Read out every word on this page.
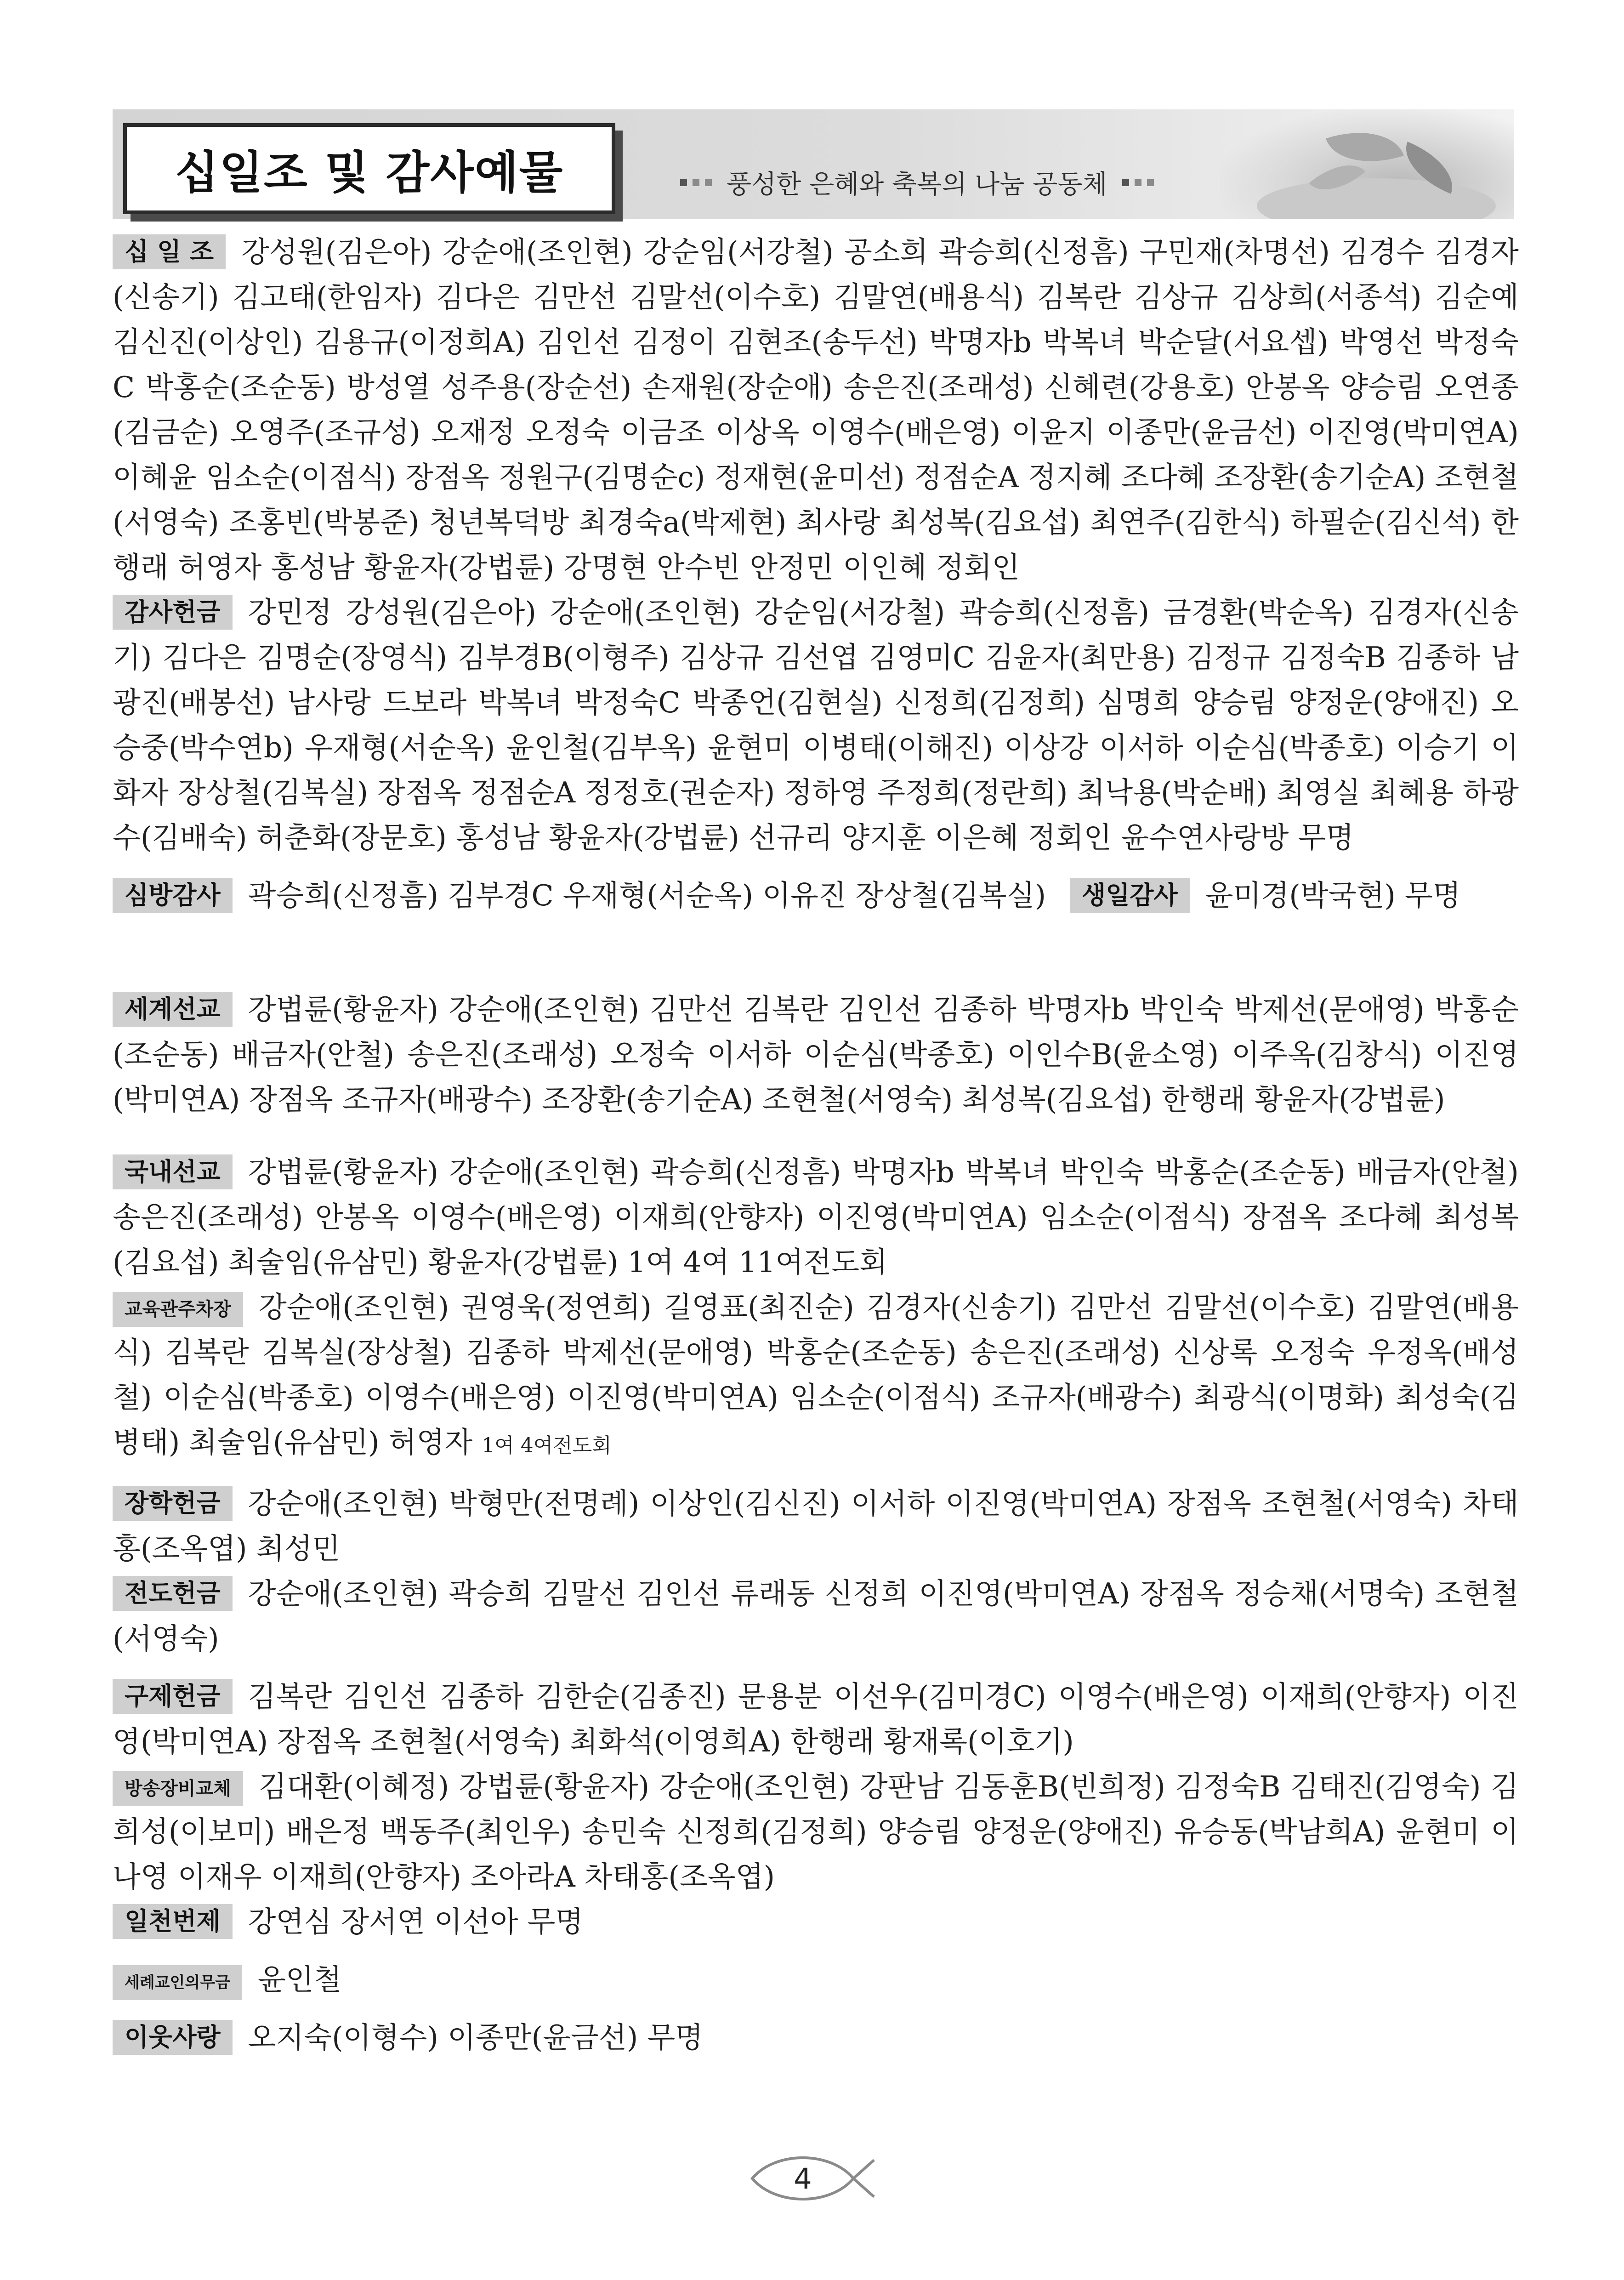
십일조 및 감사예물	풍성한 은혜와 축복의 나눔 공동체
십 일 조 강성원(김은아) 강순애(조인현) 강순임(서강철) 공소희 곽승희(신정흠) 구민재(차명선) 김경수 김경자(신송기) 김고태(한임자) 김다은 김만선 김말선(이수호) 김말연(배용식) 김복란 김상규 김상희(서종석) 김순예 김신진(이상인) 김용규(이정희A) 김인선 김정이 김현조(송두선) 박명자b 박복녀 박순달(서요셉) 박영선 박정숙C 박홍순(조순동) 방성열 성주용(장순선) 손재원(장순애) 송은진(조래성) 신혜련(강용호) 안봉옥 양승림 오연종(김금순) 오영주(조규성) 오재정 오정숙 이금조 이상옥 이영수(배은영) 이윤지 이종만(윤금선) 이진영(박미연A) 이혜윤 임소순(이점식) 장점옥 정원구(김명순c) 정재현(윤미선) 정점순A 정지혜 조다혜 조장환(송기순A) 조현철(서영숙) 조홍빈(박봉준) 청년복덕방 최경숙a(박제현) 최사랑 최성복(김요섭) 최연주(김한식) 하필순(김신석) 한행래 허영자 홍성남 황윤자(강법륜) 강명현 안수빈 안정민 이인혜 정회인
감사헌금 강민정 강성원(김은아) 강순애(조인현) 강순임(서강철) 곽승희(신정흠) 금경환(박순옥) 김경자(신송기) 김다은 김명순(장영식) 김부경B(이형주) 김상규 김선엽 김영미C 김윤자(최만용) 김정규 김정숙B 김종하 남광진(배봉선) 남사랑 드보라 박복녀 박정숙C 박종언(김현실) 신정희(김정희) 심명희 양승림 양정운(양애진) 오승중(박수연b) 우재형(서순옥) 윤인철(김부옥) 윤현미 이병태(이해진) 이상강 이서하 이순심(박종호) 이승기 이화자 장상철(김복실) 장점옥 정점순A 정정호(권순자) 정하영 주정희(정란희) 최낙용(박순배) 최영실 최혜용 하광수(김배숙) 허춘화(장문호) 홍성남 황윤자(강법륜) 선규리 양지훈 이은혜 정회인 윤수연사랑방 무명
심방감사 곽승희(신정흠) 김부경C 우재형(서순옥) 이유진 장상철(김복실)	생일감사 윤미경(박국현) 무명
세계선교 강법륜(황윤자) 강순애(조인현) 김만선 김복란 김인선 김종하 박명자b 박인숙 박제선(문애영) 박홍순(조순동) 배금자(안철) 송은진(조래성) 오정숙 이서하 이순심(박종호) 이인수B(윤소영) 이주옥(김창식) 이진영(박미연A) 장점옥 조규자(배광수) 조장환(송기순A) 조현철(서영숙) 최성복(김요섭) 한행래 황윤자(강법륜)
국내선교 강법륜(황윤자) 강순애(조인현) 곽승희(신정흠) 박명자b 박복녀 박인숙 박홍순(조순동) 배금자(안철) 송은진(조래성) 안봉옥 이영수(배은영) 이재희(안향자) 이진영(박미연A) 임소순(이점식) 장점옥 조다혜 최성복(김요섭) 최술임(유삼민) 황윤자(강법륜) 1여 4여 11여전도회
교육관주차장 강순애(조인현) 권영욱(정연희) 길영표(최진순) 김경자(신송기) 김만선 김말선(이수호) 김말연(배용식) 김복란 김복실(장상철) 김종하 박제선(문애영) 박홍순(조순동) 송은진(조래성) 신상록 오정숙 우정옥(배성철) 이순심(박종호) 이영수(배은영) 이진영(박미연A) 임소순(이점식) 조규자(배광수) 최광식(이명화) 최성숙(김병태) 최술임(유삼민) 허영자 1여 4여전도회
장학헌금 강순애(조인현) 박형만(전명례) 이상인(김신진) 이서하 이진영(박미연A) 장점옥 조현철(서영숙) 차태홍(조옥엽) 최성민
전도헌금 강순애(조인현) 곽승희 김말선 김인선 류래동 신정희 이진영(박미연A) 장점옥 정승채(서명숙) 조현철(서영숙)
구제헌금 김복란 김인선 김종하 김한순(김종진) 문용분 이선우(김미경C) 이영수(배은영) 이재희(안향자) 이진영(박미연A) 장점옥 조현철(서영숙) 최화석(이영희A) 한행래 황재록(이호기)
방송장비교체 김대환(이혜정) 강법륜(황윤자) 강순애(조인현) 강판남 김동훈B(빈희정) 김정숙B 김태진(김영숙) 김희성(이보미) 배은정 백동주(최인우) 송민숙 신정희(김정희) 양승림 양정운(양애진) 유승동(박남희A) 윤현미 이나영 이재우 이재희(안향자) 조아라A 차태홍(조옥엽)
일천번제 강연심 장서연 이선아 무명
세례교인의무금 윤인철
이웃사랑 오지숙(이형수) 이종만(윤금선) 무명
4
